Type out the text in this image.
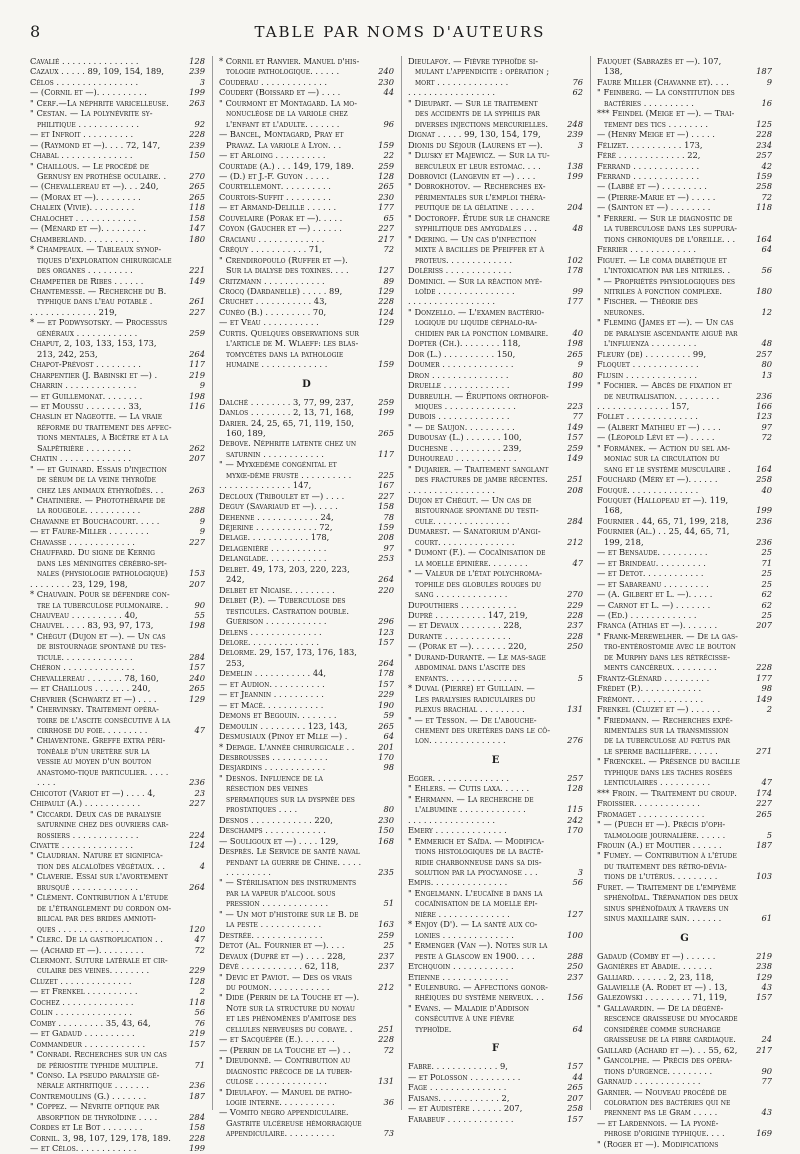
8	TABLE PAR NOMS D'AUTEURS
Cavalié . . . . . . . . . . . . . . .	128
Cazaux . . . . . 89, 109, 154, 189,	239
Célos . . . . . . . . . . . . . . . .	3
— (Cornil et —). . . . . . . . . .	199
" Cerf.—La néphrite varicelleuse. 263
" Cestan. — La polynévrite sy-philitique . . . . . . . . . . . .	92
— et Infroit . . . . . . . . . .	228
— (Raymond et —). . . . 72, 147,	239
Chabal . . . . . . . . . . . . . .	150
" Chaillous. — Le procédé de Gernusy en prothèse oculaire. .	270
— (Chevallereau et —). . . 240,	265
— (Morax et —). . . . . . . . .	265
Chaleix (Vivie). . . . . . . . .	118
Chalochet . . . . . . . . . . . .	158
— (Ménard et —). . . . . . . . .	147
Chamberland. . . . . . . . . . .	180
* Champeaux. — Tableaux synop-tiques d'exploration chirurgicale des organes . . . . . . . . .	221
Champetier de Ribes . . . . . .	149
Chantemesse. — Recherche du B. typhique dans l'eau potable .	261
. . . . . . . . . . . . . 219,	227
* — et Podwysotsky. — Processus généraux . . . . . . . . . . . .	259
Chaput, 2, 103, 133, 153, 173, 213, 242, 253,	264
Chapot-Prévost . . . . . . . . .	117
Charpentier (J. Babinski et —) .	219
Charrin . . . . . . . . . . . . . .	9
— et Guillemonat. . . . . . . .	198
— et Moussu . . . . . . . . 33,	116
Chaslin et Nageotte. — La vraie réforme du traitement des affec-tions mentales, à Bicêtre et à la Salpêtrière . . . . . . . . .	262
Chatin . . . . . . . . . . . . . .	207
" — et Guinard. Essais d'injection de sérum de la veine thyroïde chez les animaux éthyroïdés. . .	263
" Chatinière. — Photothérapie de la rougeole. . . . . . . . . . .	288
Chavanne et Bouchacourt. . . . .	9
— et Faure-Miller . . . . . . . .	9
Chavasse . . . . . . . . . . . . .	227
Chauffard. Du signe de Kernig dans les méningites cérébro-spi-nales (physiologie pathologique)	153
. . . . . . . . 23, 129, 198,	207
* Chauvain. Pour se défendre con-tre la tuberculose pulmonaire. .	90
Chauveau . . . . . . . . . . 40,	55
Chauvel . . . . 83, 93, 97, 173,	198
" Chégut (Dujon et —). — Un cas de bistournage spontané du tes-ticule. . . . . . . . . . . . . .	284
Chéron . . . . . . . . . . . . . .	157
Chevallereau . . . . . . . 78, 160,	240
— et Chaillous . . . . . . . 240,	265
Chevrier (Schwartz et —) . . . .	129
" Chervinsky. Traitement opéra-toire de l'ascite consécutive à la cirrhose du foie. . . . . . . . .	47
" Chiaventone. Greffe extra péri-tonéale d'un uretère sur la vessie au moyen d'un bouton anastomo-tique particulier. . . . . . . . .	236
Chicotot (Variot et —) . . . . 4,	23
Chipault (A.) . . . . . . . . . . .	227
" Ciccardi. Deux cas de paralysie saturnine chez des ouvriers car-rossiers . . . . . . . . . . . . .	224
Civatte . . . . . . . . . . . . . .	124
" Claudrian. Nature et significa-tion des alcaloïdes végétaux. . .	4
" Claverie. Essai sur l'avortement brusqué . . . . . . . . . . . . .	264
" Clément. Contribution à l'étude de l'étranglement du cordon om-bilical par des brides amnioti-ques . . . . . . . . . . . . . .	120
" Clerc. De la gastroplication . .	47
— (Achard et —). . . . . . . . .	72
Clermont. Suture latérale et cir-culaire des veines. . . . . . . .	229
Cluzet . . . . . . . . . . . . . .	128
— et Frenkel . . . . . . . . . .	2
Cochez . . . . . . . . . . . . . .	118
Colin . . . . . . . . . . . . . . .	56
Comby . . . . . . . . . 35, 43, 64,	76
— et Gadaud . . . . . . . . . .	219
Commandeur . . . . . . . . . . . .	157
" Conradi. Recherches sur un cas de périostite typhide multiple.	71
" Conso. La pseudo paralysie gé-nérale arthritique . . . . . . .	236
Contremoulins (G.) . . . . . . .	187
" Coppez. — Névrite optique par absorption de thyroïdine . . . .	284
Cordes et Le Bot . . . . . . . .	158
Cornil. 3, 98, 107, 129, 178, 189. 228
— et Célos. . . . . . . . . . . .	199
* Cornil et Ranvier. Manuel d'his-tologie pathologique. . . . . .	240
Couderau . . . . . . . . . . . . .	230
Coudert (Boissard et —) . . . .	44
" Courmont et Montagard. La mo-nonucléose de la variole chez l'enfant et l'adulte. . . . . . .	96
— Bancel, Montagard, Pray et Pravaz. La variole à Lyon. . .	159
— et Arloing . . . . . . . . . .	22
Courtade (A.) . . . 149, 179, 189.	259
— (D.) et J.-F. Guyon . . . . .	128
Courtellemont. . . . . . . . . .	265
Courtois-Suffit . . . . . . . . .	230
— et Armand-Delille . . . . . .	177
Couvelaire (Porak et —). . . . .	65
Coyon (Gaucher et —) . . . . . .	227
Cracianu . . . . . . . . . . . . .	217
Créquy . . . . . . . . . . . 71,	72
" Crendiropoulo (Ruffer et —). Sur la dialyse des toxines. . . .	127
Critzmann . . . . . . . . . . . .	89
Crocq (Dardanelle) . . . . . 89,	129
Cruchet . . . . . . . . . . . 43,	228
Cunéo (B.) . . . . . . . . . 70,	124
— et Veau . . . . . . . . . . .	129
Curtis. Quelques observations sur l'article de M. Wlaeff: les blas-tomycètes dans la pathologie humaine . . . . . . . . . . . . .	159
D
Dalché . . . . . . . . 3, 77, 99, 237,	259
Danlos . . . . . . . . 2, 13, 71, 168,	199
Darier. 24, 25, 65, 71, 119, 150, 160, 189,	265
Debove. Néphrite latente chez un saturnin . . . . . . . . . . . .	117
" — Myxœdème congénital et myxœ-dème fruste . . . . . . . . . .	225
. . . . . . . . . . . . . . 147,	167
Decloux (Triboulet et —) . . . .	227
Deguy (Savariaud et —). . . . .	158
Dehenne . . . . . . . . . . . . 24,	78
Déjerine . . . . . . . . . . . . 72,	159
Delage. . . . . . . . . . . . 178,	208
Delagenière . . . . . . . . . . .	97
Delanglade. . . . . . . . . . . .	253
Delbet. 49, 173, 203, 220, 223, 242,	264
Delbet et Nicaise. . . . . . . . .	220
Delbet (P.). — Tuberculose des testicules. Castration double. Guérison . . . . . . . . . . . .	296
Delens . . . . . . . . . . . . . .	123
Delore. . . . . . . . . . . . . .	157
Delorme. 29, 157, 173, 176, 183, 253,	264
Demelin . . . . . . . . . . . 44,	178
— et Audion. . . . . . . . . . .	157
— et Jeannin . . . . . . . . . .	229
— et Macé. . . . . . . . . . . .	190
Demons et Begouin. . . . . . . .	59
Demoulin . . . . . . . . . 123, 143,	265
Desmusiaux (Pinoy et Mlle —) .	64
* Depage. L'année chirurgicale . .	201
Desbrousses . . . . . . . . . . .	170
Desjardins . . . . . . . . . . . .	98
" Desnos. Influence de la résection des veines spermatiques sur la dyspnée des prostatiques . . . .	80
Desnos . . . . . . . . . . . . 220,	230
Deschamps . . . . . . . . . . . .	150
— Souligoux et —) . . . . 129,	168
Desprès. Le Service de santé naval pendant la guerre de Chine. . . . . . . . . . . . . .	235
" — Stérilisation des instruments par la vapeur d'alcool sous pression . . . . . . . . . . . . .	51
" — Un mot d'histoire sur le B. de la peste . . . . . . . . . . . .	163
Destrée. . . . . . . . . . . . . .	259
Detot (Al. Fournier et —). . . .	25
Devaux (Dupré et —) . . . . 228,	237
Dévé . . . . . . . . . . . . 62, 118,	237
" Devic et Paviot. — Des os vrais du poumon. . . . . . . . . . . .	212
" Dide (Perrin de la Touche et —). Note sur la structure du noyau et les phénomènes d'amitose des cellules nerveuses du cobaye. .	251
— et Sacquépée (E.). . . . . . .	228
— (Perrin de la Touche et —) . .	72
" Dieudonné. — Contribution au diagnostic précoce de la tuber-culose . . . . . . . . . . . . . .	131
" Dieulafoy. — Manuel de patho-logie interne. . . . . . . . . . .	36
— Vomito negro appendiculaire. Gastrite ulcéreuse hémorragique appendiculaire. . . . . . . . . .	73
Dieulafoy. — Fièvre typhoïde si-mulant l'appendicite : opération ; mort . . . . . . . . . . . . . .	76
. . . . . . . . . . . . . . . . .	62
" Dieupart. — Sur le traitement des accidents de la syphilis par diverses injections mercurielles. 248
Dignat . . . . . 99, 130, 154, 179,	239
Dionis du Séjour (Laurens et —).	3
" Dlusky et Majewicz. — Sur la tu-berculeux et leur estomac. . . .	138
Dobrovici (Langevin et —) . . . .	199
" Dobrokhotov. — Recherches ex-périmentales sur l'emploi théra-peutique de la gélatine . . . . .	204
" Doctoroff. Étude sur le chancre syphilitique des amygdales . . .	48
" Dœring. — Un cas d'infection mixte à bacilles de Pfeiffer et à proteus. . . . . . . . . . . . .	102
Dolériss . . . . . . . . . . . . .	178
Dominici. — Sur la réaction myé-loïde . . . . . . . . . . . . . . .	99
. . . . . . . . . . . . . . . . .	177
" Donzello. — L'examen bactério-logique du liquide céphalo-ra-chidien par la ponction lombaire.	40
Dopter (Ch.). . . . . . . . 118,	198
Dor (L.) . . . . . . . . . . 150,	265
Doumer . . . . . . . . . . . . . .	9
Dron . . . . . . . . . . . . . . .	80
Druelle . . . . . . . . . . . . .	199
Dubreuilh. — Éruptions orthofor-miques . . . . . . . . . . . . . .	223
Dubois . . . . . . . . . . . . . .	77
" — de Saujon. . . . . . . . . .	149
Dubousay (L.) . . . . . . . 100,	157
Duchesne . . . . . . . . . . 239,	259
Duhoureau . . . . . . . . . . . .	149
" Dujarier. — Traitement sanglant des fractures de jambe récentes. 251
. . . . . . . . . . . . . . . . .	208
Dujon et Chégut. — Un cas de bistournage spontané du testi-cule. . . . . . . . . . . . . . .	284
Dumarest. — Sanatorium d'Angi-court. . . . . . . . . . . . . . .	212
" Dumont (F.). — Cocaïnisation de la moelle épinière. . . . . . . .	47
" — Valeur de l'état polychroma-tophile des globules rouges du sang . . . . . . . . . . . . . .	270
Dupouthiers . . . . . . . . . . .	229
Dupré . . . . . . . . . . 147, 219,	228
— et Devaux . . . . . . . . 228,	237
Durante . . . . . . . . . . . . .	228
— (Porak et —). . . . . . . 220,	250
" Durand-Duranté. — Le mas-sage abdominal dans l'ascite des enfants. . . . . . . . . . . . . .	5
* Duval (Pierre) et Guillain. — Les paralysies radiculaires du plexus brachial . . . . . . . . .	131
" — et Tesson. — De l'abouche-chement des uretères dans le cô-lon. . . . . . . . . . . . . . .	276
E
Egger. . . . . . . . . . . . . . .	257
" Ehlers. — Cutis laxa. . . . . .	128
" Ehrmann. — La recherche de l'albumine . . . . . . . . . . . . .	115
. . . . . . . . . . . . . . . . .	242
Emery . . . . . . . . . . . . . .	170
" Emmerich et Saïda. — Modifica-tions histologiques de la bacté-ridie charbonneuse dans sa dis-solution par la pyocyanose . . .	3
Empis. . . . . . . . . . . . . . .	56
" Engelmann. L'eucaïne β dans la cocaïnisation de la moelle épi-nière . . . . . . . . . . . . . .	127
* Enjoy (D'). — La santé aux co-lonies . . . . . . . . . . . . . .	100
" Ermenger (Van —). Notes sur la peste à Glascow en 1900. . . .	288
Etchquoin . . . . . . . . . . . .	250
Etienne . . . . . . . . . . . . .	237
" Eulenburg. — Affections gonor-rhéiques du système nerveux. . .	156
" Evans. — Maladie d'Addison consécutive à une fièvre typhoïde.	64
F
Fabre. . . . . . . . . . . . . 9,	157
— et Polosson . . . . . . . . . .	44
Fage . . . . . . . . . . . . . . .	265
Faisans. . . . . . . . . . . . 2,	207
— et Audistère . . . . . . 207,	258
Farabeuf . . . . . . . . . . . . .	157
Fauquet (Sabrazès et —). 107, 138,	187
Faure Miller (Chavanne et). . . .	9
" Feinberg. — La constitution des bactéries . . . . . . . . . .	16
*** Feindel (Meige et —). — Trai-tement des tics . . . . . . . .	125
— (Henry Meige et —) . . . . .	228
Félizet. . . . . . . . . . . 173,	234
Féré . . . . . . . . . . . . . 22,	257
Ferrand . . . . . . . . . . . . .	42
Ferrand . . . . . . . . . . . . .	159
— (Labbé et —) . . . . . . . . .	258
— (Pierre-Marie et —) . . . . .	72
— (Sainton et —) . . . . . . . .	118
" Ferreri. — Sur le diagnostic de la tuberculose dans les suppura-tions chroniques de l'oreille. . .	164
Ferrier . . . . . . . . . . . . .	64
Figuet. — Le coma diabétique et l'intoxication par les nitriles. .	56
" — Propriétés physiologiques des nitriles à fonction complexe.	180
" Fischer. — Théorie des neurones.	12
" Fleming (James et —). — Un cas de paralysie ascendante aiguë par l'influenza . . . . . . . . .	48
Fleury (de) . . . . . . . . . 99,	257
Floquet . . . . . . . . . . . . .	80
Flusin . . . . . . . . . . . . . .	13
" Fochier. — Abcès de fixation et de neutralisation. . . . . . . . .	236
. . . . . . . . . . . . . . 157,	166
Follet . . . . . . . . . . . . . .	123
— (Albert Mathieu et —) . . . .	97
— (Léopold Lévi et —) . . . . .	72
" Formánek. — Action du sel am-moniac sur la circulation du sang et le système musculaire .	164
Fouchard (Méry et —). . . . . .	258
Fouqué. . . . . . . . . . . . . .	40
Fouquet (Hallopeau et —). 119, 168,	199
Fournier . 44, 65, 71, 199, 218,	236
Fournier (Al.) . . 25, 44, 65, 71, 199, 218,	236
— et Bensaude. . . . . . . . . .	25
— et Brindeau. . . . . . . . . .	71
— et Detot. . . . . . . . . . . .	25
— et Sabareanu . . . . . . . . .	25
— (A. Gilbert et L. —). . . . .	62
— Carnot et L. —) . . . . . . .	62
— (Ed.) . . . . . . . . . . . . .	25
Franca (Athias et —). . . . . . .	207
" Frank-Merewelher. — De la gas-tro-entérostomie avec le bouton de Murphy dans les rétrécisse-ments cancéreux. . . . . . . . .	228
Frantz-Glénard . . . . . . . . .	177
Frédet (P.). . . . . . . . . . . .	98
Frémont. . . . . . . . . . . . . .	149
Frenkel (Cluzet et —) . . . . . .	2
" Friedmann. — Recherches expé-rimentales sur la transmission de la tuberculose au fœtus par le sperme bacillifère. . . . . .	271
" Frœnckel. — Présence du bacille typhique dans les taches rosées lenticulaires . . . . . . . . . .	47
*** Froin. — Traitement du croup. 174
Froissier. . . . . . . . . . . . .	227
Fromaget . . . . . . . . . . . . .	265
" — (Puech et —). Précis d'oph-talmologie journalière. . . . . .	5
Frouin (A.) et Moutier . . . . . .	187
" Fumey. — Contribution à l'étude du traitement des rétro-dévia-tions de l'utérus. . . . . . . . .	103
Furet. — Traitement de l'empyème sphénoïdal. Trépanation des deux sinus sphénoïdaux à travers un sinus maxillaire sain. . . . . . .	61
G
Gadaud (Comby et —) . . . . . .	219
Gagnières et Abadie. . . . . . .	238
Galliard. . . . . . . 2, 23, 118,	129
Galavielle (A. Rodet et —) . 13,	43
Galezowski . . . . . . . . . 71, 119,	157
" Gallavardin. — De la dégéné-rescence graisseuse du myocarde considérée comme surcharge graisseuse de la fibre cardiaque.	24
Gaillard (Achard et —). . . 55, 62, 217
" Gancolphe. — Précis des opéra-tions d'urgence. . . . . . . . .	90
Garnaud . . . . . . . . . . . . .	77
Garnier. — Nouveau procédé de coloration des bactéries qui ne prennent pas le Gram . . . . .	43
— et Lardennois. — La pyoné-phrose d'origine typhique. . . .	169
" (Roger et —). Modifications
